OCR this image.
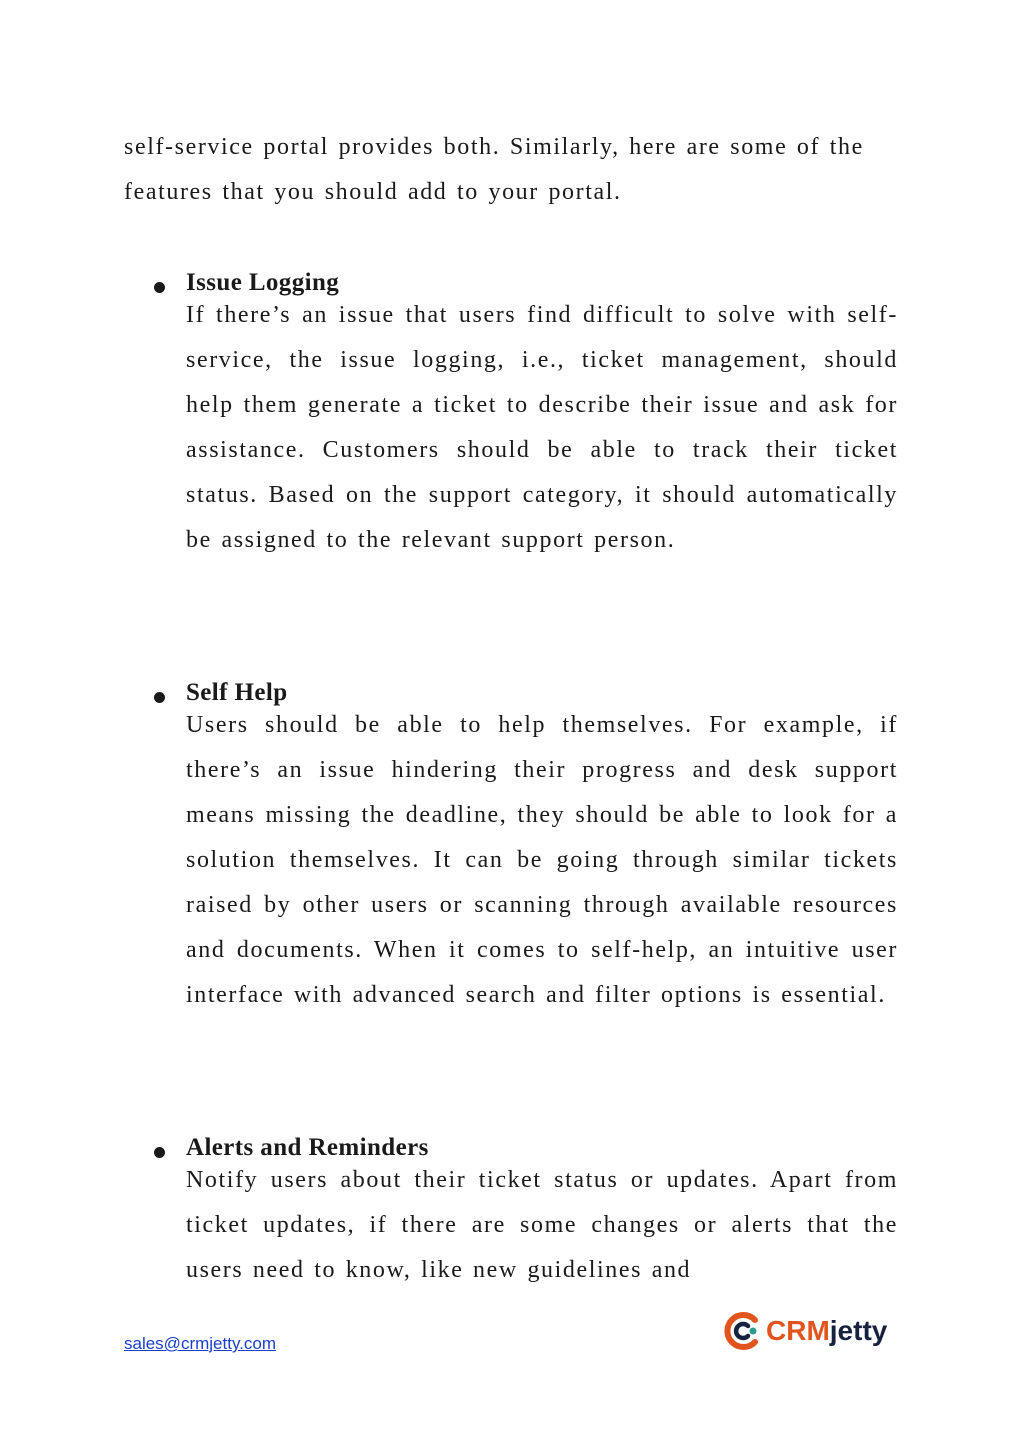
self-service portal provides both. Similarly, here are some of the features that you should add to your portal.

Issue Logging

If there’s an issue that users find difficult to solve with self-service, the issue logging, i.e., ticket management, should help them generate a ticket to describe their issue and ask for assistance. Customers should be able to track their ticket status. Based on the support category, it should automatically be assigned to the relevant support person.

Self Help

Users should be able to help themselves. For example, if there’s an issue hindering their progress and desk support means missing the deadline, they should be able to look for a solution themselves. It can be going through similar tickets raised by other users or scanning through available resources and documents. When it comes to self-help, an intuitive user interface with advanced search and filter options is essential.

Alerts and Reminders

Notify users about their ticket status or updates. Apart from ticket updates, if there are some changes or alerts that the users need to know, like new guidelines and

sales@crmjetty.com	CRMjetty
